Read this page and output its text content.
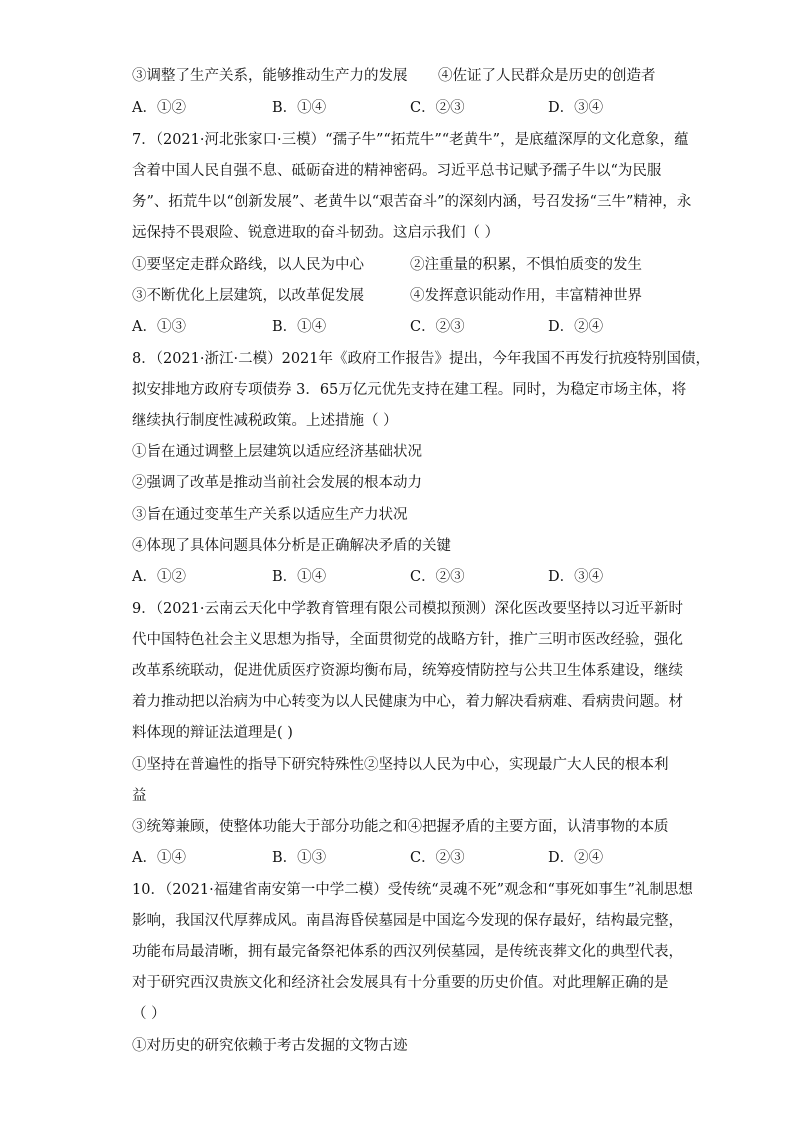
③调整了生产关系，能够推动生产力的发展 ④佐证了人民群众是历史的创造者
A．①②	B．①④	C．②③	D．③④
7．（2021·河北张家口·三模）“孺子牛”“拓荒牛”“老黄牛”，是底蕴深厚的文化意象，蕴
含着中国人民自强不息、砥砺奋进的精神密码。习近平总书记赋予孺子牛以“为民服
务”、拓荒牛以“创新发展”、老黄牛以“艰苦奋斗”的深刻内涵，号召发扬“三牛”精神，永
远保持不畏艰险、锐意进取的奋斗韧劲。这启示我们（ ）
①要坚定走群众路线，以人民为中心	②注重量的积累，不惧怕质变的发生
③不断优化上层建筑，以改革促发展	④发挥意识能动作用，丰富精神世界
A．①③	B．①④	C．②③	D．②④
8．（2021·浙江·二模）2021年《政府工作报告》提出，今年我国不再发行抗疫特别国债，
拟安排地方政府专项债券 3．65万亿元优先支持在建工程。同时，为稳定市场主体，将
继续执行制度性减税政策。上述措施（ ）
①旨在通过调整上层建筑以适应经济基础状况
②强调了改革是推动当前社会发展的根本动力
③旨在通过变革生产关系以适应生产力状况
④体现了具体问题具体分析是正确解决矛盾的关键
A．①②	B．①④	C．②③	D．③④
9．（2021·云南云天化中学教育管理有限公司模拟预测）深化医改要坚持以习近平新时
代中国特色社会主义思想为指导，全面贯彻党的战略方针，推广三明市医改经验，强化
改革系统联动，促进优质医疗资源均衡布局，统筹疫情防控与公共卫生体系建设，继续
着力推动把以治病为中心转变为以人民健康为中心，着力解决看病难、看病贵问题。材
料体现的辩证法道理是( )
①坚持在普遍性的指导下研究特殊性②坚持以人民为中心，实现最广大人民的根本利
益
③统筹兼顾，使整体功能大于部分功能之和④把握矛盾的主要方面，认清事物的本质
A．①④	B．①③	C．②③	D．②④
10．（2021·福建省南安第一中学二模）受传统“灵魂不死”观念和“事死如事生”礼制思想
影响，我国汉代厚葬成风。南昌海昏侯墓园是中国迄今发现的保存最好，结构最完整，
功能布局最清晰，拥有最完备祭祀体系的西汉列侯墓园，是传统丧葬文化的典型代表，
对于研究西汉贵族文化和经济社会发展具有十分重要的历史价值。对此理解正确的是
（ ）
①对历史的研究依赖于考古发掘的文物古迹
